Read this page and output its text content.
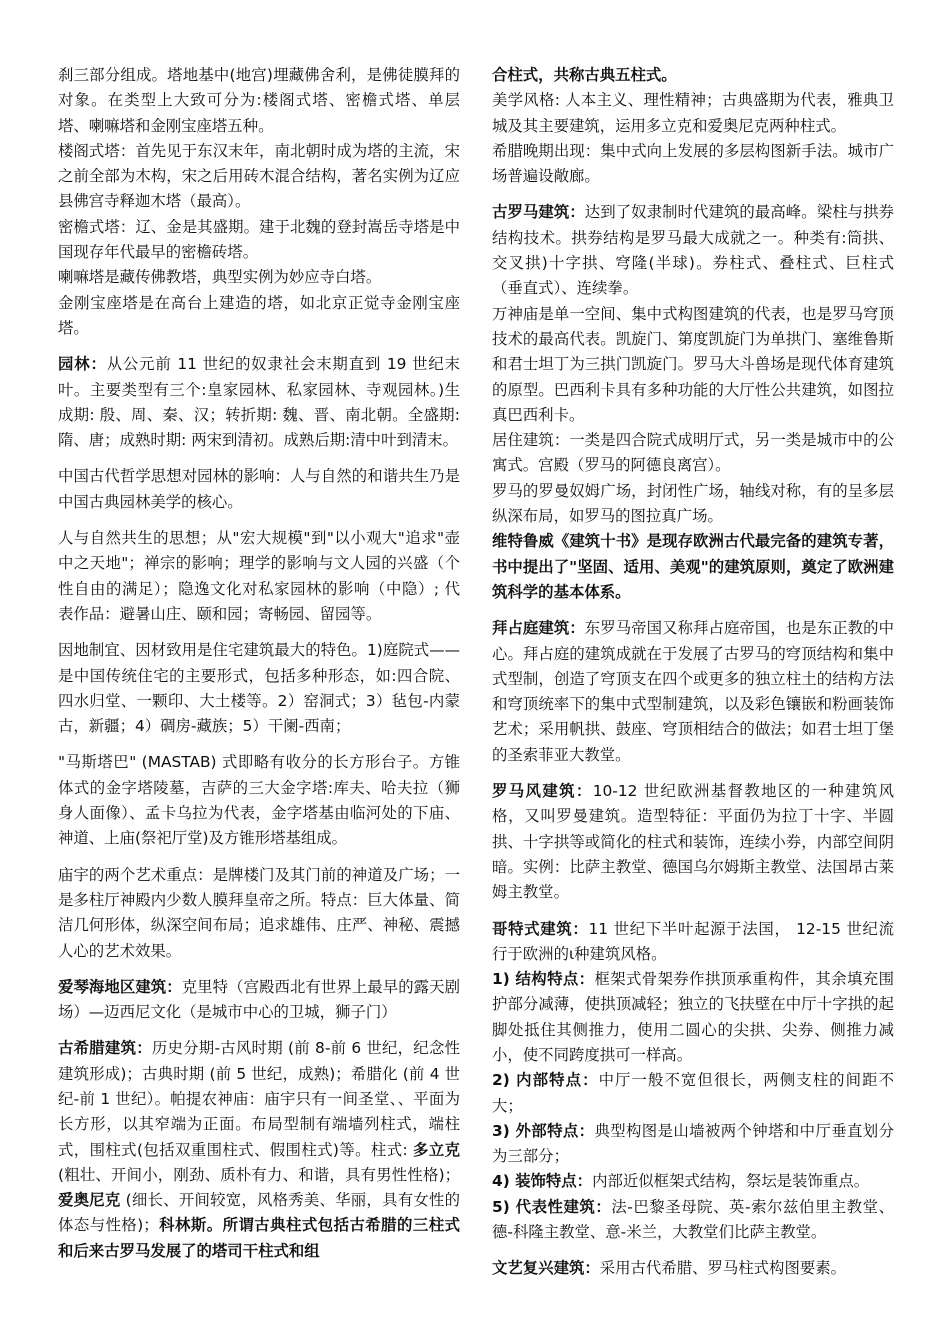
刹三部分组成。塔地基中(地宫)埋藏佛舍利，是佛徒膜拜的对象。在类型上大致可分为:楼阁式塔、密檐式塔、单层塔、喇嘛塔和金刚宝座塔五种。

楼阁式塔：首先见于东汉末年，南北朝时成为塔的主流，宋之前全部为木构，宋之后用砖木混合结构，著名实例为辽应县佛宫寺释迦木塔（最高）。

密檐式塔：辽、金是其盛期。建于北魏的登封嵩岳寺塔是中国现存年代最早的密檐砖塔。

喇嘛塔是藏传佛教塔，典型实例为妙应寺白塔。

金刚宝座塔是在高台上建造的塔，如北京正觉寺金刚宝座塔。

园林：从公元前 11 世纪的奴隶社会末期直到 19 世纪末叶。主要类型有三个:皇家园林、私家园林、寺观园林。)生成期: 殷、周、秦、汉；转折期: 魏、晋、南北朝。全盛期: 隋、唐；成熟时期: 两宋到清初。成熟后期:清中叶到清末。

中国古代哲学思想对园林的影响：人与自然的和谐共生乃是中国古典园林美学的核心。

人与自然共生的思想；从"宏大规模"到"以小观大"追求"壶中之天地"；禅宗的影响；理学的影响与文人园的兴盛（个性自由的满足）；隐逸文化对私家园林的影响（中隐）; 代表作品：避暑山庄、颐和园；寄畅园、留园等。

因地制宜、因材致用是住宅建筑最大的特色。1)庭院式——是中国传统住宅的主要形式，包括多种形态，如:四合院、四水归堂、一颗印、大土楼等。2）窑洞式；3）毡包-内蒙古，新疆；4）碉房-藏族；5）干阑-西南；

"马斯塔巴" (MASTAB) 式即略有收分的长方形台子。方锥体式的金字塔陵墓，吉萨的三大金字塔:库夫、哈夫拉（狮身人面像）、孟卡乌拉为代表，金字塔基由临河处的下庙、神道、上庙(祭祀厅堂)及方锥形塔基组成。

庙宇的两个艺术重点：是牌楼门及其门前的神道及广场；一是多柱厅神殿内少数人膜拜皇帝之所。特点：巨大体量、简洁几何形体，纵深空间布局；追求雄伟、庄严、神秘、震撼人心的艺术效果。

爱琴海地区建筑：克里特（宫殿西北有世界上最早的露天剧场）—迈西尼文化（是城市中心的卫城，狮子门）

古希腊建筑：历史分期-古风时期 (前 8-前 6 世纪，纪念性建筑形成)；古典时期 (前 5 世纪，成熟)；希腊化 (前 4 世纪-前 1 世纪）。帕提农神庙：庙宇只有一间圣堂、、平面为长方形，以其窄端为正面。布局型制有端墙列柱式，端柱式，围柱式(包括双重围柱式、假围柱式)等。柱式: 多立克 (粗壮、开间小，刚劲、质朴有力、和谐，具有男性性格)；爱奥尼克 (细长、开间较宽，风格秀美、华丽，具有女性的体态与性格)；科林斯。所谓古典柱式包括古希腊的三柱式和后来古罗马发展了的塔司干柱式和组

合柱式，共称古典五柱式。

美学风格: 人本主义、理性精神；古典盛期为代表，雅典卫城及其主要建筑，运用多立克和爱奥尼克两种柱式。

希腊晚期出现：集中式向上发展的多层构图新手法。城市广场普遍设敞廊。

古罗马建筑：达到了奴隶制时代建筑的最高峰。梁柱与拱券结构技术。拱券结构是罗马最大成就之一。种类有:筒拱、交叉拱)十字拱、穹隆(半球)。券柱式、叠柱式、巨柱式（垂直式）、连续拳。

万神庙是单一空间、集中式构图建筑的代表，也是罗马穹顶技术的最高代表。凯旋门、第度凯旋门为单拱门、塞维鲁斯和君士坦丁为三拱门凯旋门。罗马大斗兽场是现代体育建筑的原型。巴西利卡具有多种功能的大厅性公共建筑，如图拉真巴西利卡。

居住建筑：一类是四合院式成明厅式，另一类是城市中的公寓式。宫殿（罗马的阿德良离宫）。

罗马的罗曼奴姆广场，封闭性广场，轴线对称，有的呈多层纵深布局，如罗马的图拉真广场。

维特鲁威《建筑十书》是现存欧洲古代最完备的建筑专著，书中提出了"坚固、适用、美观"的建筑原则，奠定了欧洲建筑科学的基本体系。

拜占庭建筑：东罗马帝国又称拜占庭帝国，也是东正教的中心。拜占庭的建筑成就在于发展了古罗马的穹顶结构和集中式型制，创造了穹顶支在四个或更多的独立柱土的结构方法和穹顶统率下的集中式型制建筑，以及彩色镶嵌和粉画装饰艺术；采用帆拱、鼓座、穹顶相结合的做法；如君士坦丁堡的圣索菲亚大教堂。

罗马风建筑：10-12 世纪欧洲基督教地区的一种建筑风格，又叫罗曼建筑。造型特征：平面仍为拉丁十字、半圆拱、十字拱等或简化的柱式和装饰，连续小券，内部空间阴暗。实例：比萨主教堂、德国乌尔姆斯主教堂、法国昂古莱姆主教堂。

哥特式建筑：11 世纪下半叶起源于法国， 12-15 世纪流行于欧洲的ι种建筑风格。

1) 结构特点：框架式骨架券作拱顶承重构件，其余填充围护部分减薄，使拱顶减轻；独立的飞扶壁在中厅十字拱的起脚处抵住其侧推力，使用二圆心的尖拱、尖券、侧推力减小，使不同跨度拱可一样高。

2) 内部特点：中厅一般不宽但很长，两侧支柱的间距不大；

3) 外部特点：典型构图是山墙被两个钟塔和中厅垂直划分为三部分；

4) 装饰特点：内部近似框架式结构，祭坛是装饰重点。

5) 代表性建筑：法-巴黎圣母院、英-索尔兹伯里主教堂、德-科隆主教堂、意-米兰，大教堂们比萨主教堂。

文艺复兴建筑：采用古代希腊、罗马柱式构图要素。
